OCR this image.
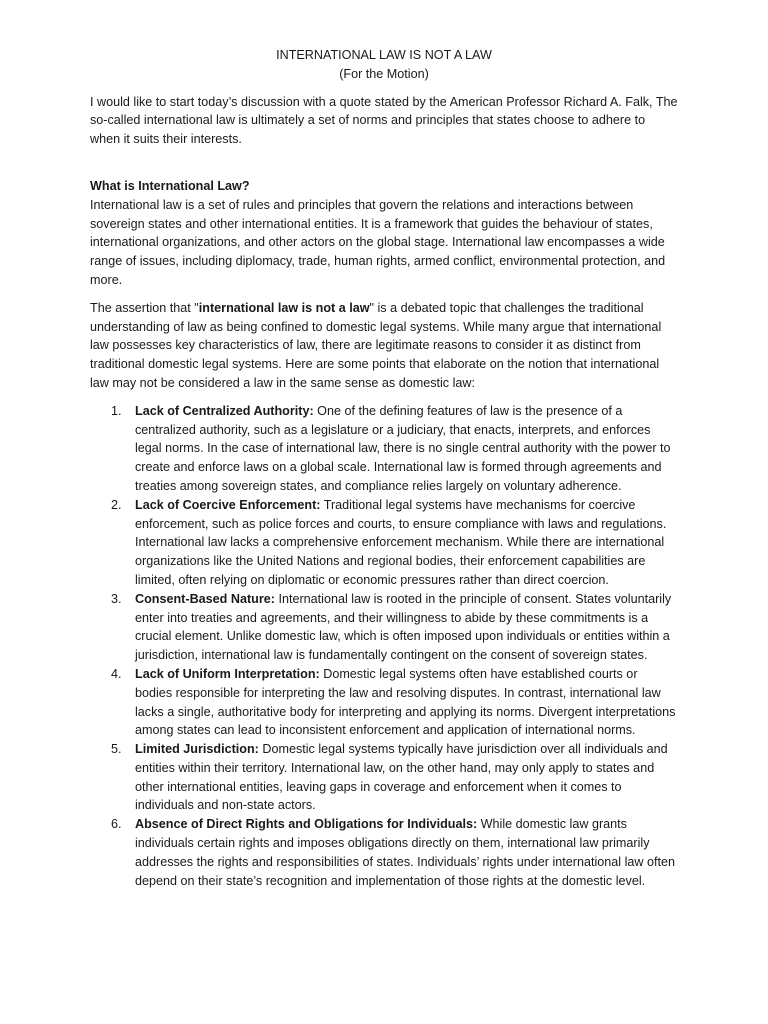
INTERNATIONAL LAW IS NOT A LAW
(For the Motion)

I would like to start today’s discussion with a quote stated by the American Professor Richard A. Falk, The so-called international law is ultimately a set of norms and principles that states choose to adhere to when it suits their interests.

What is International Law?
International law is a set of rules and principles that govern the relations and interactions between sovereign states and other international entities. It is a framework that guides the behaviour of states, international organizations, and other actors on the global stage. International law encompasses a wide range of issues, including diplomacy, trade, human rights, armed conflict, environmental protection, and more.

The assertion that "international law is not a law" is a debated topic that challenges the traditional understanding of law as being confined to domestic legal systems. While many argue that international law possesses key characteristics of law, there are legitimate reasons to consider it as distinct from traditional domestic legal systems. Here are some points that elaborate on the notion that international law may not be considered a law in the same sense as domestic law:

1. Lack of Centralized Authority: One of the defining features of law is the presence of a centralized authority, such as a legislature or a judiciary, that enacts, interprets, and enforces legal norms. In the case of international law, there is no single central authority with the power to create and enforce laws on a global scale. International law is formed through agreements and treaties among sovereign states, and compliance relies largely on voluntary adherence.
2. Lack of Coercive Enforcement: Traditional legal systems have mechanisms for coercive enforcement, such as police forces and courts, to ensure compliance with laws and regulations. International law lacks a comprehensive enforcement mechanism. While there are international organizations like the United Nations and regional bodies, their enforcement capabilities are limited, often relying on diplomatic or economic pressures rather than direct coercion.
3. Consent-Based Nature: International law is rooted in the principle of consent. States voluntarily enter into treaties and agreements, and their willingness to abide by these commitments is a crucial element. Unlike domestic law, which is often imposed upon individuals or entities within a jurisdiction, international law is fundamentally contingent on the consent of sovereign states.
4. Lack of Uniform Interpretation: Domestic legal systems often have established courts or bodies responsible for interpreting the law and resolving disputes. In contrast, international law lacks a single, authoritative body for interpreting and applying its norms. Divergent interpretations among states can lead to inconsistent enforcement and application of international norms.
5. Limited Jurisdiction: Domestic legal systems typically have jurisdiction over all individuals and entities within their territory. International law, on the other hand, may only apply to states and other international entities, leaving gaps in coverage and enforcement when it comes to individuals and non-state actors.
6. Absence of Direct Rights and Obligations for Individuals: While domestic law grants individuals certain rights and imposes obligations directly on them, international law primarily addresses the rights and responsibilities of states. Individuals’ rights under international law often depend on their state’s recognition and implementation of those rights at the domestic level.
